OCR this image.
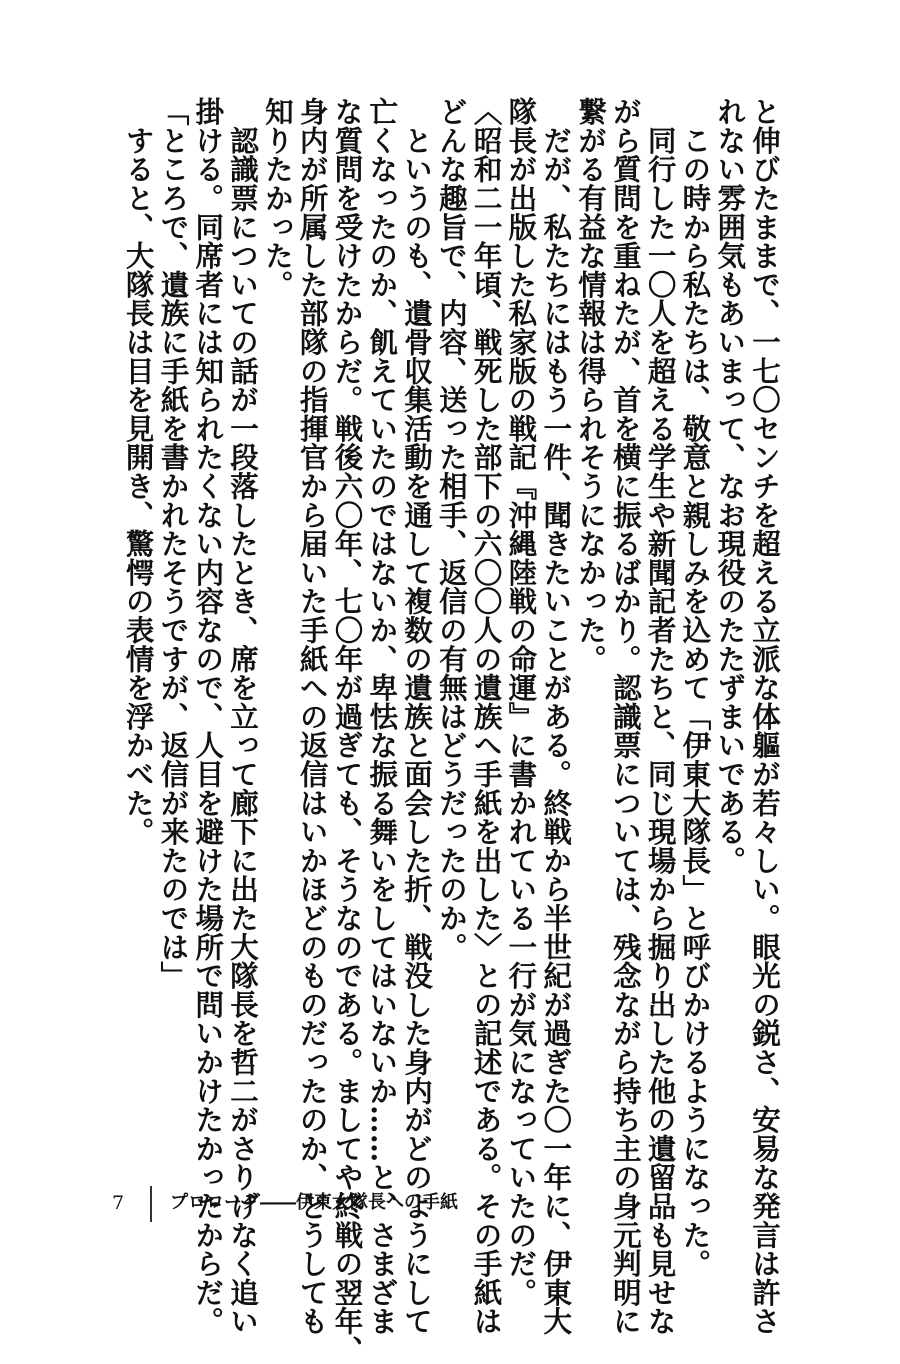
と伸びたままで、一七〇センチを超える立派な体軀が若々しい。眼光の鋭さ、安易な発言は許さ
れない雰囲気もあいまって、なお現役のたたずまいである。
　この時から私たちは、敬意と親しみを込めて「伊東大隊長」と呼びかけるようになった。
　同行した一〇人を超える学生や新聞記者たちと、同じ現場から掘り出した他の遺留品も見せな
がら質問を重ねたが、首を横に振るばかり。認識票については、残念ながら持ち主の身元判明に
繋がる有益な情報は得られそうになかった。
　だが、私たちにはもう一件、聞きたいことがある。終戦から半世紀が過ぎた〇一年に、伊東大
隊長が出版した私家版の戦記『沖縄陸戦の命運』に書かれている一行が気になっていたのだ。
〈昭和二一年頃、戦死した部下の六〇〇人の遺族へ手紙を出した〉との記述である。その手紙は
どんな趣旨で、内容、送った相手、返信の有無はどうだったのか。
　というのも、遺骨収集活動を通して複数の遺族と面会した折、戦没した身内がどのようにして
亡くなったのか、飢えていたのではないか、卑怯な振る舞いをしてはいないか……と、さまざま
な質問を受けたからだ。戦後六〇年、七〇年が過ぎても、そうなのである。ましてや終戦の翌年、
身内が所属した部隊の指揮官から届いた手紙への返信はいかほどのものだったのか、どうしても
知りたかった。
　認識票についての話が一段落したとき、席を立って廊下に出た大隊長を哲二がさりげなく追い
掛ける。同席者には知られたくない内容なので、人目を避けた場所で問いかけたかったからだ。
「ところで、遺族に手紙を書かれたそうですが、返信が来たのでは」
　すると、大隊長は目を見開き、驚愕の表情を浮かべた。
7	プロローグ――伊東大隊長への手紙
